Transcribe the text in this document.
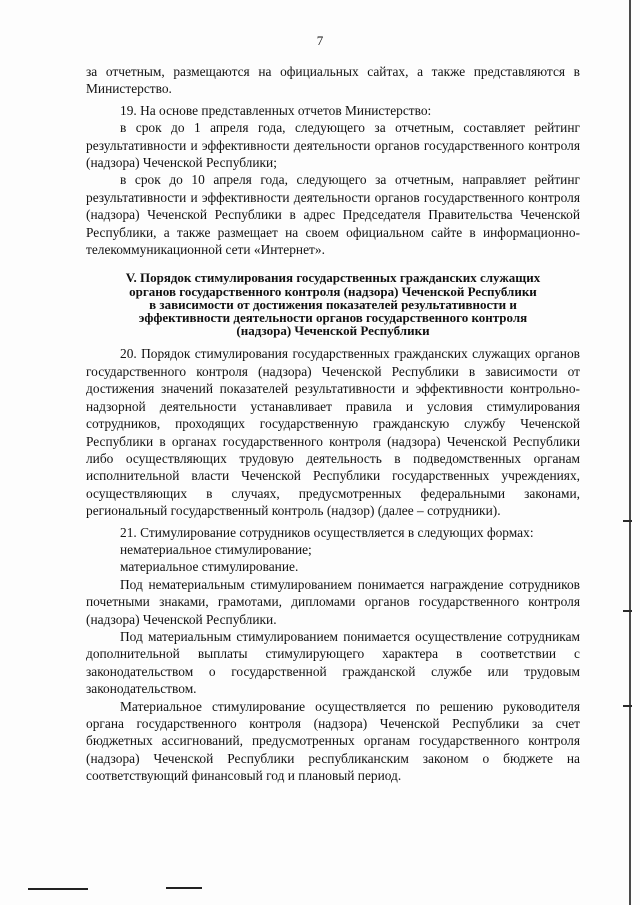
7

за отчетным, размещаются на официальных сайтах, а также представляются в Министерство.

19. На основе представленных отчетов Министерство:

в срок до 1 апреля года, следующего за отчетным, составляет рейтинг результативности и эффективности деятельности органов государственного контроля (надзора) Чеченской Республики;

в срок до 10 апреля года, следующего за отчетным, направляет рейтинг результативности и эффективности деятельности органов государственного контроля (надзора) Чеченской Республики в адрес Председателя Правительства Чеченской Республики, а также размещает на своем официальном сайте в информационно-телекоммуникационной сети «Интернет».

V. Порядок стимулирования государственных гражданских служащих
органов государственного контроля (надзора) Чеченской Республики
в зависимости от достижения показателей результативности и
эффективности деятельности органов государственного контроля
(надзора) Чеченской Республики

20. Порядок стимулирования государственных гражданских служащих органов государственного контроля (надзора) Чеченской Республики в зависимости от достижения значений показателей результативности и эффективности контрольно-надзорной деятельности устанавливает правила и условия стимулирования сотрудников, проходящих государственную гражданскую службу Чеченской Республики в органах государственного контроля (надзора) Чеченской Республики либо осуществляющих трудовую деятельность в подведомственных органам исполнительной власти Чеченской Республики государственных учреждениях, осуществляющих в случаях, предусмотренных федеральными законами, региональный государственный контроль (надзор) (далее – сотрудники).

21. Стимулирование сотрудников осуществляется в следующих формах:

нематериальное стимулирование;

материальное стимулирование.

Под нематериальным стимулированием понимается награждение сотрудников почетными знаками, грамотами, дипломами органов государственного контроля (надзора) Чеченской Республики.

Под материальным стимулированием понимается осуществление сотрудникам дополнительной выплаты стимулирующего характера в соответствии с законодательством о государственной гражданской службе или трудовым законодательством.

Материальное стимулирование осуществляется по решению руководителя органа государственного контроля (надзора) Чеченской Республики за счет бюджетных ассигнований, предусмотренных органам государственного контроля (надзора) Чеченской Республики республиканским законом о бюджете на соответствующий финансовый год и плановый период.
